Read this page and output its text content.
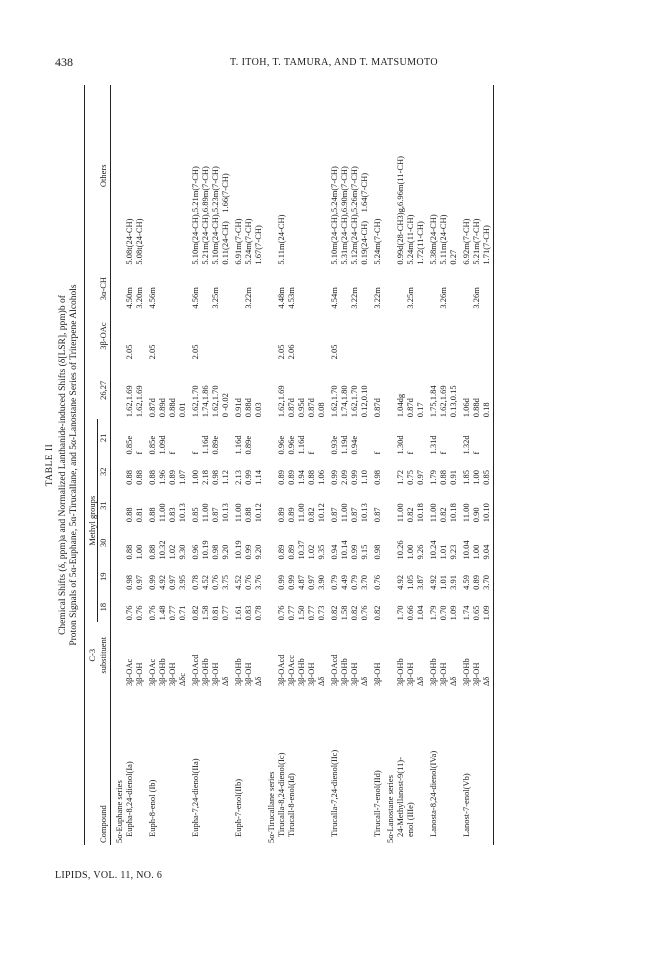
438	T. ITOH, T. TAMURA, AND T. MATSUMOTO
TABLE II Chemical Shifts (δ, ppm)a and Normalized Lanthanide-induced Shifts (δ[LSR], ppm)b of Proton Signals of 5α-Euphane, 5α-Tirucallane, and 5α-Lanostane Series of Triterpene Alcohols
	C-3	Methyl groups									
Compound	substituent	18	19	30	31	32	21	26,27	3β-OAc	3α-CH	Others
5α-Euphane series											
Eupha-8,24-dienol(Ia)	3β-OAc	0.76	0.98	0.88	0.88	0.88	0.85e	1.62,1.69	2.05	4.50m	5.08t(24-CH)
	3β-OH	0.76	0.97	1.00	0.81	0.88	f	1.62,1.69		3.20m	5.08t(24-CH)
Euph-8-enol (Ib)	3β-OAc	0.76	0.99	0.88	0.88	0.88	0.85e	0.87d	2.05	4.56m	
	3β-OHb	1.48	4.92	10.32	11.00	1.96	1.09d	0.89d			
	3β-OH	0.77	0.97	1.02	0.83	0.89	f	0.88d			
	Δδc	0.71	3.95	9.30	10.13	1.07		0.01			
Eupha-7,24-dienol(IIa)	3β-OAcd	0.82	0.78	0.96	0.85	1.00	f	1.62,1.70	2.05	4.56m	5.10m(24-CH),5.21m(7-CH)
	3β-OHb	1.58	4.52	10.19	11.00	2.18	1.16d	1.74,1.86			5.21m(24-CH),6.89m(7-CH)
	3β-OH	0.81	0.76	0.98	0.87	0.98	0.89e	1.62,1.70		3.25m	5.10m(24-CH),5.23m(7-CH)
	Δδ	0.77	3.75	9.20	10.13	1.12		0 -0.02			0.11(24-CH)    1.66(7-CH)
Euph-7-enol(IIb)	3β-OHb	1.61	4.52	10.19	11.00	2.13	1.16d	0.91d			6.91m(7-CH)
	3β-OH	0.83	0.76	0.99	0.88	0.99	0.89e	0.88d		3.22m	5.24m(7-CH)
	Δδ	0.78	3.76	9.20	10.12	1.14		0.03			1.67(7-CH)
5α-Tirucallane series											
Tirucalla-8,24-dienol(Ic)	3β-OAcd	0.76	0.99	0.89	0.89	0.89	0.96e	1.62,1.69	2.05	4.48m	5.11m(24-CH)
Tirucall-8-enol(Id)	3β-OAcc	0.77	0.99	0.89	0.89	0.89	0.96e	0.87d	2.06	4.53m	
	3β-OHb	1.50	4.87	10.37	11.00	1.94	1.16d	0.95d			
	3β-OH	0.77	0.97	1.02	0.82	0.88	f	0.87d			
	Δδ	0.73	3.90	9.35	10.12	1.06		0.08			
Tirucalla-7,24-dienol(IIc)	3β-OAcd	0.82	0.79	0.94	0.87	0.99	0.93e	1.62,1.70	2.05	4.54m	5.10m(24-CH),5.24m(7-CH)
	3β-OHb	1.58	4.49	10.14	11.00	2.09	1.19d	1.74,1.80			5.31m(24-CH),6.90m(7-CH)
	3β-OH	0.82	0.79	0.99	0.87	0.99	0.94e	1.62,1.70		3.22m	5.12m(24-CH),5.26m(7-CH)
	Δδ	0.76	3.70	9.15	10.13	1.10		0.12,0.10			0.19(24-CH)    1.64(7-CH)
Tirucall-7-enol(IId)	3β-OH	0.82	0.76	0.98	0.87	0.98	f	0.87d		3.22m	5.24m(7-CH)
5α-Lanostane series											
24-Methyllanost-9(11)-	3β-OHb	1.70	4.92	10.26	11.00	1.72	1.30d	1.04dg			0.99d(28-CH3)g,6.96m(11-CH)
enol (IIIe)	3β-OH	0.66	1.05	1.00	0.82	0.75	f	0.87d		3.25m	5.24m(11-CH)
	Δδ	1.04	3.87	9.26	10.18	0.97		0.17			1.72(11-CH)
Lanosta-8,24-dienol(IVa)	3β-OHb	1.79	4.92	10.24	11.00	1.79	1.31d	1.75,1.84			5.38m(24-CH)
	3β-OH	0.70	1.01	1.01	0.82	0.88	f	1.62,1.69		3.26m	5.11m(24-CH)
	Δδ	1.09	3.91	9.23	10.18	0.91		0.13,0.15			0.27
Lanost-7-enol(Vb)	3β-OHb	1.74	4.59	10.04	11.00	1.85	1.32d	1.06d			6.92m(7-CH)
	3β-OH	0.65	0.89	1.00	0.90	1.00	f	0.88d		3.26m	5.21m(7-CH)
	Δδ	1.09	3.70	9.04	10.10	0.85		0.18			1.71(7-CH)
LIPIDS, VOL. 11, NO. 6
